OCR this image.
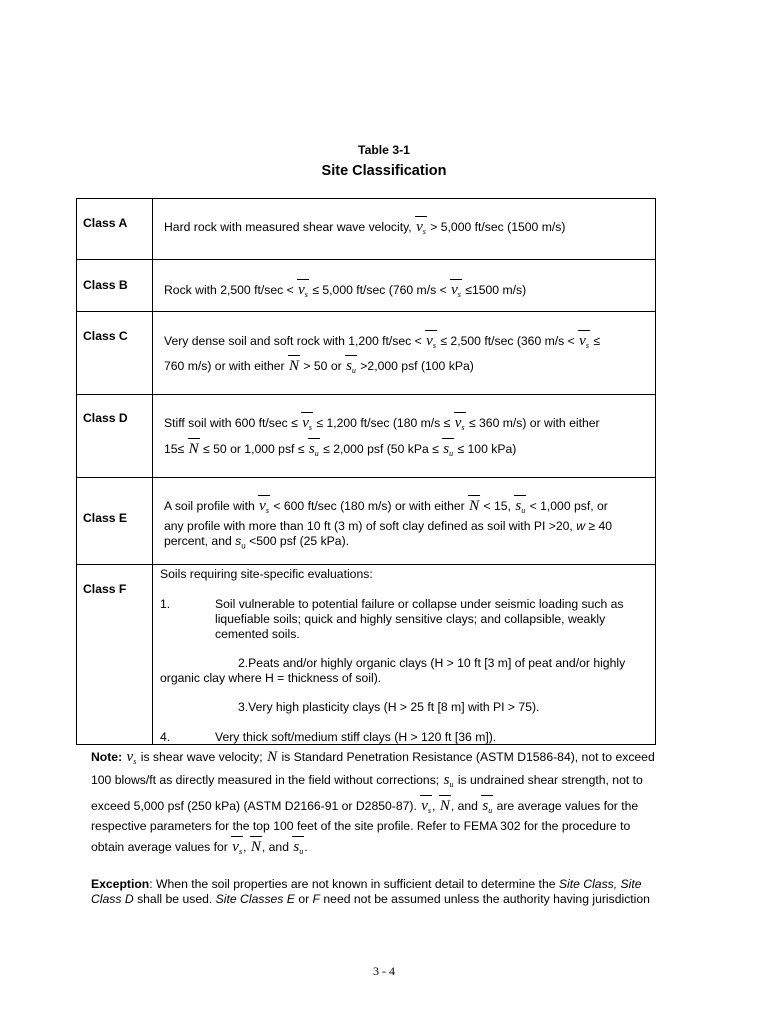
Table 3-1
Site Classification
Class A
Class B
Class C
Class D
Class E
Class F
Hard rock with measured shear wave velocity, $v_s > 5,000$ ft/sec (1500 m/s)
Rock with 2,500 $ft/\sec < v_s \le 5,000$ ft/sec (760 $m/s < v_s \le 1500$ m/s)
Very dense soil and soft rock with 1,200 $ft/\sec < v_s \le 2,500$ ft/sec (360 $m/s < v_s$ ≤
760 m/s) or with either N > 50 or $s_u >2,000$ psf (100 kPa)
Stiff soil with 600 $ft/\sec \le v_s \le 1,200$ ft/sec (180 $m/s \le v_s \le 360$ m/s) or with either
15≤ N ≤ 50 or 1,000 psf ≤ $s_u \le 2,000$ psf (50 kPa ≤ $s_u \le 100$ kPa)
A soil profile with $v_s < 600$ ft/sec (180 m/s) or with either N < 15, $s_u < 1,000$ psf, or
any profile with more than 10 ft (3 m) of soft clay defined as soil with PI >20, w ≥ 40
percent, and $s_u <500$ psf (25 kPa).
Soils requiring site-specific evaluations:
1.	Soil vulnerable to potential failure or collapse under seismic loading such as
liquefiable soils; quick and highly sensitive clays; and collapsible, weakly
cemented soils.
2.Peats and/or highly organic clays (H > 10 ft [3 m] of peat and/or highly
organic clay where H = thickness of soil).
3.Very high plasticity clays (H > 25 ft [8 m] with PI > 75).
4.	Very thick soft/medium stiff clays (H > 120 ft [36 m]).
Note: $v_s$ is shear wave velocity; N is Standard Penetration Resistance (ASTM D1586-84), not to exceed
100 blows/ft as directly measured in the field without corrections; $s_u$ is undrained shear strength, not to
exceed 5,000 psf (250 kPa) (ASTM D2166-91 or D2850-87). $v_s$, N, and $s_u$ are average values for the
respective parameters for the top 100 feet of the site profile. Refer to FEMA 302 for the procedure to
obtain average values for $v_s$, N, and $s_u$.
Exception: When the soil properties are not known in sufficient detail to determine the Site Class, Site
Class D shall be used. Site Classes E or F need not be assumed unless the authority having jurisdiction
3 - 4
